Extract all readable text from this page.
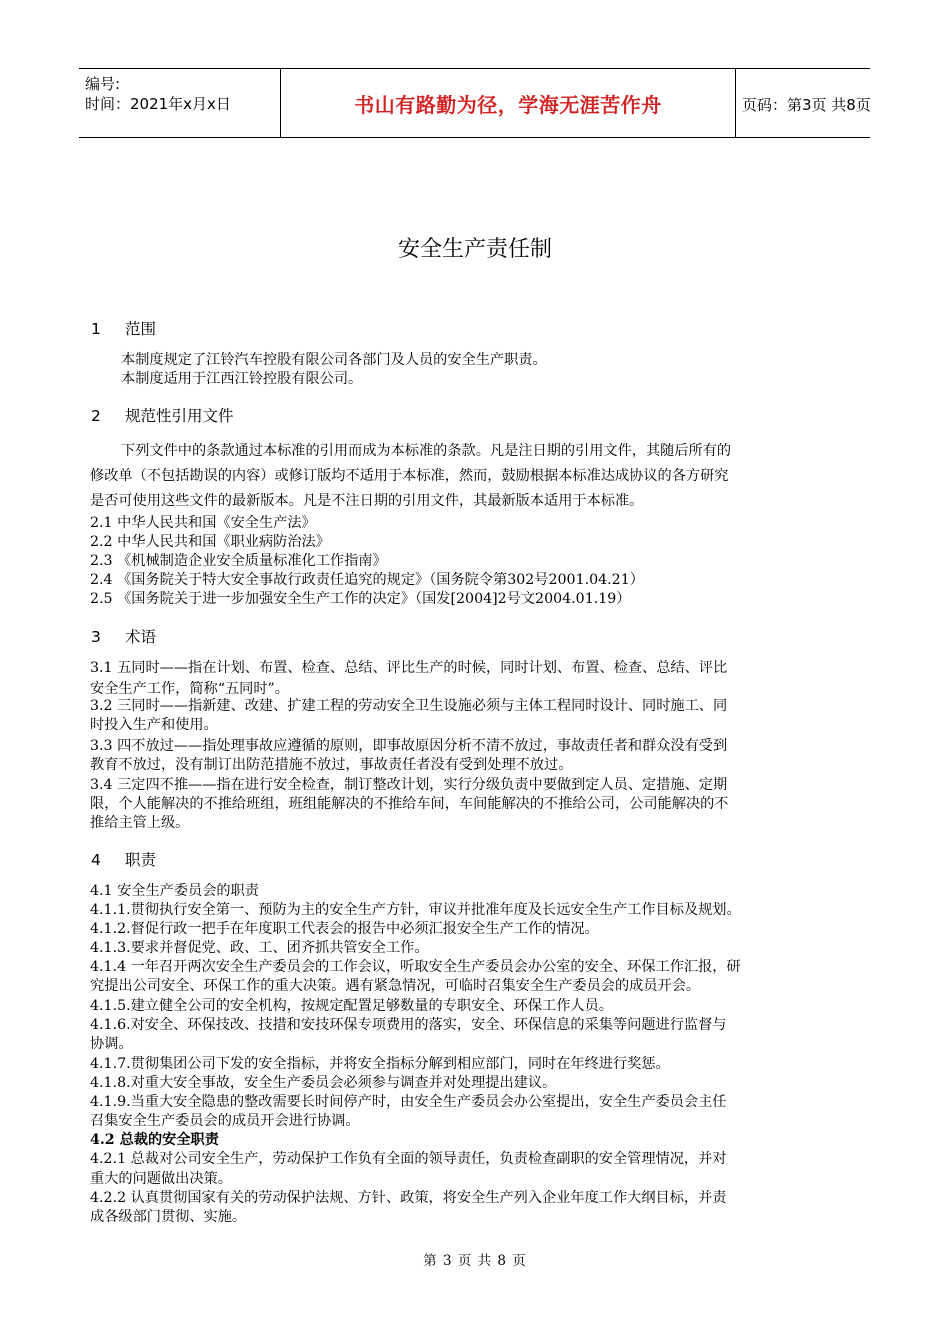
编号:
时间：2021年x月x日	书山有路勤为径，学海无涯苦作舟	页码：第3页 共8页
安全生产责任制
1 范围
本制度规定了江铃汽车控股有限公司各部门及人员的安全生产职责。
本制度适用于江西江铃控股有限公司。
2 规范性引用文件
下列文件中的条款通过本标准的引用而成为本标准的条款。凡是注日期的引用文件，其随后所有的
修改单（不包括勘误的内容）或修订版均不适用于本标准，然而，鼓励根据本标准达成协议的各方研究
是否可使用这些文件的最新版本。凡是不注日期的引用文件，其最新版本适用于本标准。
2.1 中华人民共和国《安全生产法》
2.2 中华人民共和国《职业病防治法》
2.3 《机械制造企业安全质量标准化工作指南》
2.4 《国务院关于特大安全事故行政责任追究的规定》（国务院令第302号2001.04.21）
2.5 《国务院关于进一步加强安全生产工作的决定》（国发[2004]2号文2004.01.19）
3 术语
3.1 五同时——指在计划、布置、检查、总结、评比生产的时候，同时计划、布置、检查、总结、评比
安全生产工作，简称“五同时”。
3.2 三同时——指新建、改建、扩建工程的劳动安全卫生设施必须与主体工程同时设计、同时施工、同
时投入生产和使用。
3.3 四不放过——指处理事故应遵循的原则，即事故原因分析不清不放过，事故责任者和群众没有受到
教育不放过，没有制订出防范措施不放过，事故责任者没有受到处理不放过。
3.4 三定四不推——指在进行安全检查，制订整改计划，实行分级负责中要做到定人员、定措施、定期
限，个人能解决的不推给班组，班组能解决的不推给车间，车间能解决的不推给公司，公司能解决的不
推给主管上级。
4 职责
4.1 安全生产委员会的职责
4.1.1.贯彻执行安全第一、预防为主的安全生产方针，审议并批准年度及长远安全生产工作目标及规划。
4.1.2.督促行政一把手在年度职工代表会的报告中必须汇报安全生产工作的情况。
4.1.3.要求并督促党、政、工、团齐抓共管安全工作。
4.1.4 一年召开两次安全生产委员会的工作会议，听取安全生产委员会办公室的安全、环保工作汇报，研
究提出公司安全、环保工作的重大决策。遇有紧急情况，可临时召集安全生产委员会的成员开会。
4.1.5.建立健全公司的安全机构，按规定配置足够数量的专职安全、环保工作人员。
4.1.6.对安全、环保技改、技措和安技环保专项费用的落实，安全、环保信息的采集等问题进行监督与
协调。
4.1.7.贯彻集团公司下发的安全指标，并将安全指标分解到相应部门，同时在年终进行奖惩。
4.1.8.对重大安全事故，安全生产委员会必须参与调查并对处理提出建议。
4.1.9.当重大安全隐患的整改需要长时间停产时，由安全生产委员会办公室提出，安全生产委员会主任
召集安全生产委员会的成员开会进行协调。
4.2 总裁的安全职责
4.2.1 总裁对公司安全生产，劳动保护工作负有全面的领导责任，负责检查副职的安全管理情况，并对
重大的问题做出决策。
4.2.2 认真贯彻国家有关的劳动保护法规、方针、政策，将安全生产列入企业年度工作大纲目标，并责
成各级部门贯彻、实施。
第 3 页 共 8 页
